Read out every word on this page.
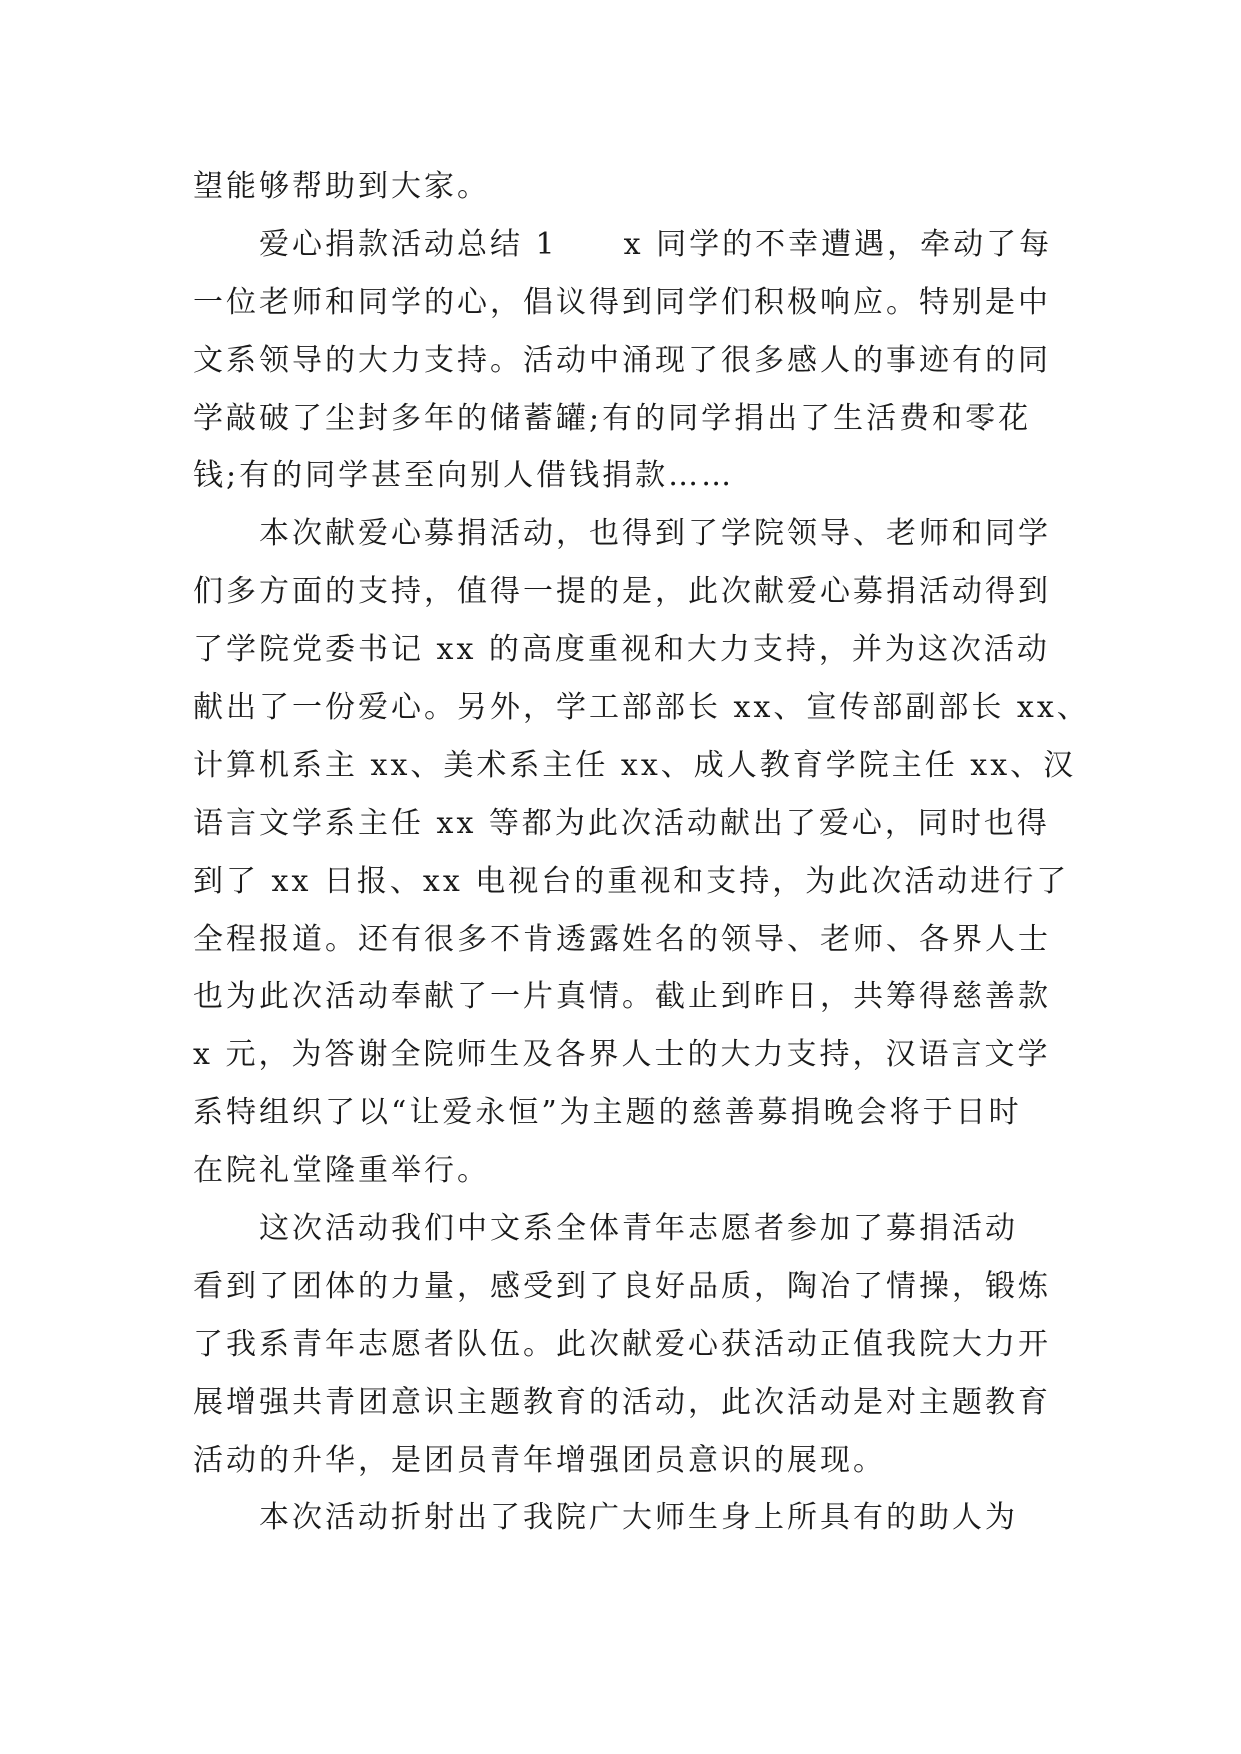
望能够帮助到大家。
爱心捐款活动总结 1 x 同学的不幸遭遇，牵动了每
一位老师和同学的心，倡议得到同学们积极响应。特别是中
文系领导的大力支持。活动中涌现了很多感人的事迹有的同
学敲破了尘封多年的储蓄罐;有的同学捐出了生活费和零花
钱;有的同学甚至向别人借钱捐款……
本次献爱心募捐活动，也得到了学院领导、老师和同学
们多方面的支持，值得一提的是，此次献爱心募捐活动得到
了学院党委书记 xx 的高度重视和大力支持，并为这次活动
献出了一份爱心。另外，学工部部长 xx、宣传部副部长 xx、
计算机系主 xx、美术系主任 xx、成人教育学院主任 xx、汉
语言文学系主任 xx 等都为此次活动献出了爱心，同时也得
到了 xx 日报、xx 电视台的重视和支持，为此次活动进行了
全程报道。还有很多不肯透露姓名的领导、老师、各界人士
也为此次活动奉献了一片真情。截止到昨日，共筹得慈善款
x 元，为答谢全院师生及各界人士的大力支持，汉语言文学
系特组织了以“让爱永恒”为主题的慈善募捐晚会将于日时
在院礼堂隆重举行。
这次活动我们中文系全体青年志愿者参加了募捐活动
看到了团体的力量，感受到了良好品质，陶冶了情操，锻炼
了我系青年志愿者队伍。此次献爱心获活动正值我院大力开
展增强共青团意识主题教育的活动，此次活动是对主题教育
活动的升华，是团员青年增强团员意识的展现。
本次活动折射出了我院广大师生身上所具有的助人为
